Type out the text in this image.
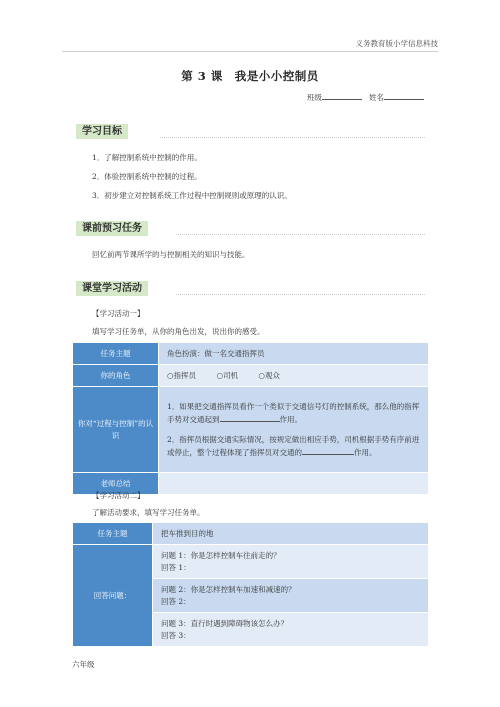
义务教育版小学信息科技
第 3 课　我是小小控制员
班级	姓名
学习目标
1．了解控制系统中控制的作用。
2．体验控制系统中控制的过程。
3．初步建立对控制系统工作过程中控制规则或原理的认识。
课前预习任务
回忆前两节课所学的与控制相关的知识与技能。
课堂学习活动
【学习活动一】
填写学习任务单，从你的角色出发，说出你的感受。
任务主题	角色扮演：做一名交通指挥员
你的角色	○指挥员 ○司机 ○观众
你对“过程与控制”的认识	1．如果把交通指挥员看作一个类似于交通信号灯的控制系统，那么他的指挥手势对交通起到 作用。
2．指挥员根据交通实际情况，按规定做出相应手势，司机根据手势有序前进或停止，整个过程体现了指挥员对交通的 作用。

老师总结	
【学习活动二】
了解活动要求，填写学习任务单。
任务主题	把车推到目的地
回答问题：	问题 1：你是怎样控制车往前走的？
回答 1：

	问题 2：你是怎样控制车加速和减速的？
回答 2：

	问题 3：直行时遇到障碍物该怎么办？
回答 3：
六年级
